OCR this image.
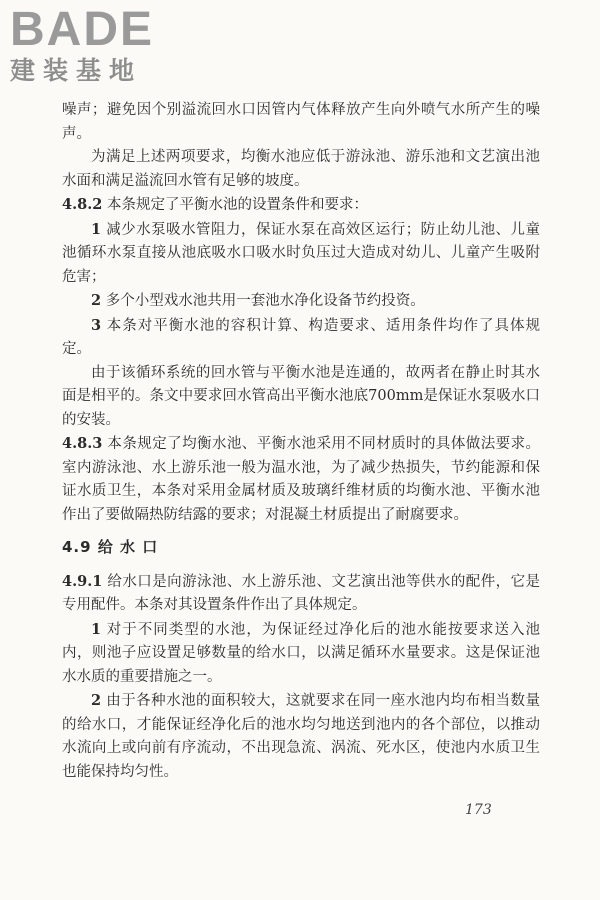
BADE
建装基地

噪声；避免因个别溢流回水口因管内气体释放产生向外喷气水所产生的噪声。

为满足上述两项要求，均衡水池应低于游泳池、游乐池和文艺演出池水面和满足溢流回水管有足够的坡度。

4.8.2 本条规定了平衡水池的设置条件和要求：

1 减少水泵吸水管阻力，保证水泵在高效区运行；防止幼儿池、儿童池循环水泵直接从池底吸水口吸水时负压过大造成对幼儿、儿童产生吸附危害；

2 多个小型戏水池共用一套池水净化设备节约投资。

3 本条对平衡水池的容积计算、构造要求、适用条件均作了具体规定。

由于该循环系统的回水管与平衡水池是连通的，故两者在静止时其水面是相平的。条文中要求回水管高出平衡水池底700mm是保证水泵吸水口的安装。

4.8.3 本条规定了均衡水池、平衡水池采用不同材质时的具体做法要求。室内游泳池、水上游乐池一般为温水池，为了减少热损失，节约能源和保证水质卫生，本条对采用金属材质及玻璃纤维材质的均衡水池、平衡水池作出了要做隔热防结露的要求；对混凝土材质提出了耐腐要求。

4.9 给 水 口

4.9.1 给水口是向游泳池、水上游乐池、文艺演出池等供水的配件，它是专用配件。本条对其设置条件作出了具体规定。

1 对于不同类型的水池，为保证经过净化后的池水能按要求送入池内，则池子应设置足够数量的给水口，以满足循环水量要求。这是保证池水水质的重要措施之一。

2 由于各种水池的面积较大，这就要求在同一座水池内均布相当数量的给水口，才能保证经净化后的池水均匀地送到池内的各个部位，以推动水流向上或向前有序流动，不出现急流、涡流、死水区，使池内水质卫生也能保持均匀性。

173
